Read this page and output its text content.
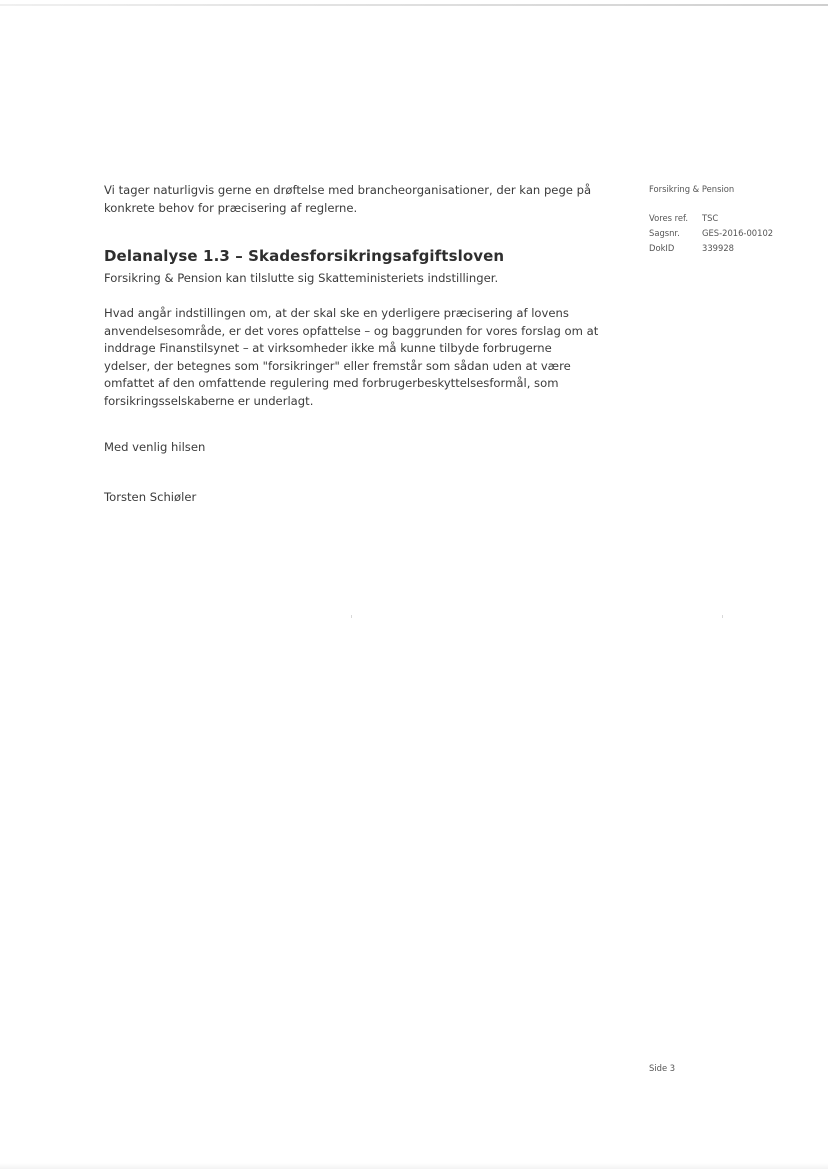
Vi tager naturligvis gerne en drøftelse med brancheorganisationer, der kan pege på konkrete behov for præcisering af reglerne.

Delanalyse 1.3 – Skadesforsikringsafgiftsloven

Forsikring & Pension kan tilslutte sig Skatteministeriets indstillinger.

Hvad angår indstillingen om, at der skal ske en yderligere præcisering af lovens anvendelsesområde, er det vores opfattelse – og baggrunden for vores forslag om at inddrage Finanstilsynet – at virksomheder ikke må kunne tilbyde forbrugerne ydelser, der betegnes som "forsikringer" eller fremstår som sådan uden at være omfattet af den omfattende regulering med forbrugerbeskyttelsesformål, som forsikringsselskaberne er underlagt.

Med venlig hilsen

Torsten Schiøler

Forsikring & Pension

Vores ref.	TSC
Sagsnr.	GES-2016-00102
DokID	339928
Side 3
